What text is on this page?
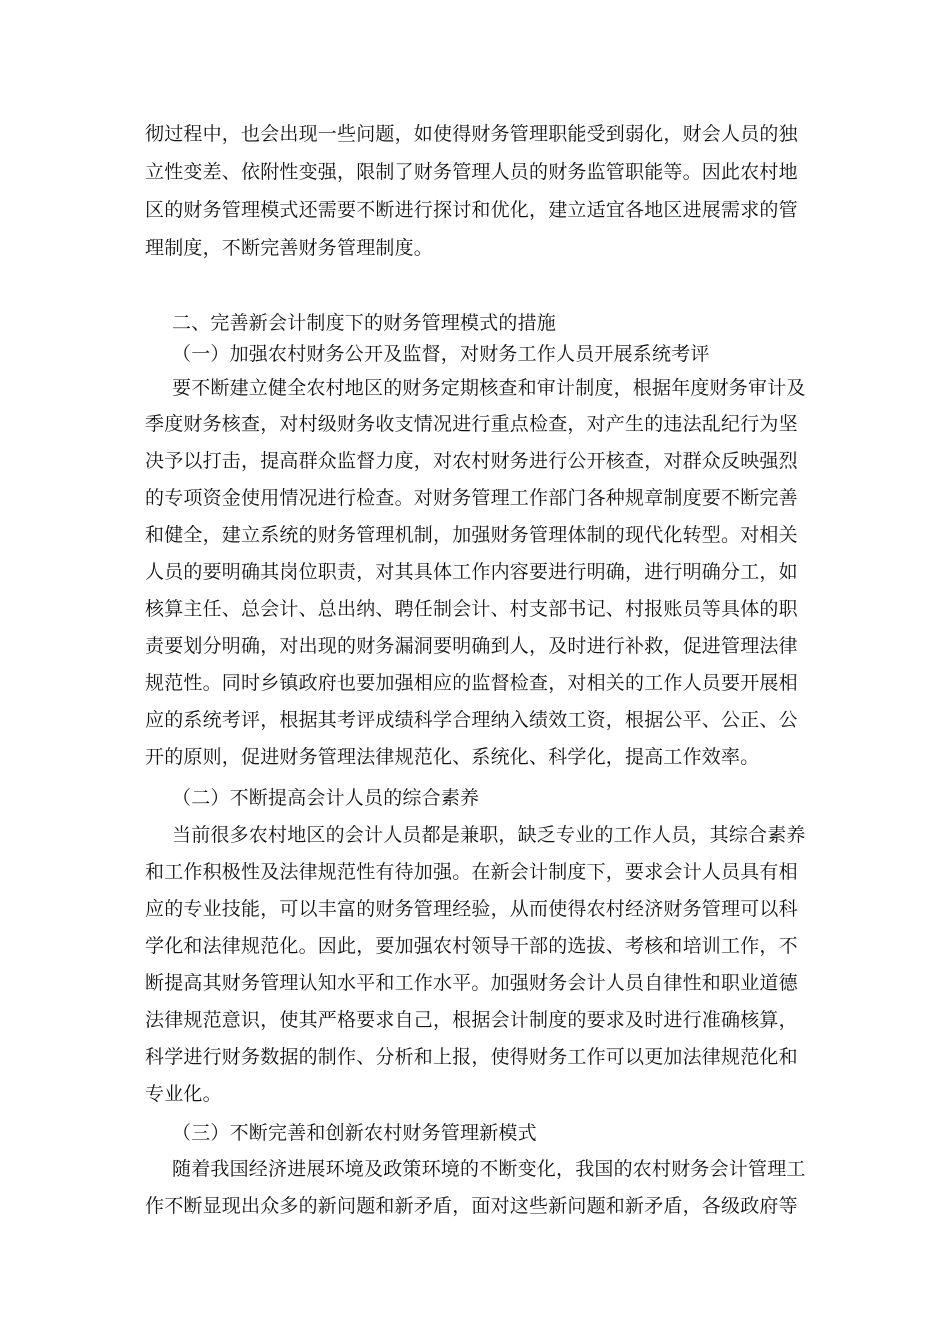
彻过程中，也会出现一些问题，如使得财务管理职能受到弱化，财会人员的独
立性变差、依附性变强，限制了财务管理人员的财务监管职能等。因此农村地
区的财务管理模式还需要不断进行探讨和优化，建立适宜各地区进展需求的管
理制度，不断完善财务管理制度。
二、完善新会计制度下的财务管理模式的措施
（一）加强农村财务公开及监督，对财务工作人员开展系统考评
要不断建立健全农村地区的财务定期核查和审计制度，根据年度财务审计及
季度财务核查，对村级财务收支情况进行重点检查，对产生的违法乱纪行为坚
决予以打击，提高群众监督力度，对农村财务进行公开核查，对群众反映强烈
的专项资金使用情况进行检查。对财务管理工作部门各种规章制度要不断完善
和健全，建立系统的财务管理机制，加强财务管理体制的现代化转型。对相关
人员的要明确其岗位职责，对其具体工作内容要进行明确，进行明确分工，如
核算主任、总会计、总出纳、聘任制会计、村支部书记、村报账员等具体的职
责要划分明确，对出现的财务漏洞要明确到人，及时进行补救，促进管理法律
规范性。同时乡镇政府也要加强相应的监督检查，对相关的工作人员要开展相
应的系统考评，根据其考评成绩科学合理纳入绩效工资，根据公平、公正、公
开的原则，促进财务管理法律规范化、系统化、科学化，提高工作效率。
（二）不断提高会计人员的综合素养
当前很多农村地区的会计人员都是兼职，缺乏专业的工作人员，其综合素养
和工作积极性及法律规范性有待加强。在新会计制度下，要求会计人员具有相
应的专业技能，可以丰富的财务管理经验，从而使得农村经济财务管理可以科
学化和法律规范化。因此，要加强农村领导干部的选拔、考核和培训工作，不
断提高其财务管理认知水平和工作水平。加强财务会计人员自律性和职业道德
法律规范意识，使其严格要求自己，根据会计制度的要求及时进行准确核算，
科学进行财务数据的制作、分析和上报，使得财务工作可以更加法律规范化和
专业化。
（三）不断完善和创新农村财务管理新模式
随着我国经济进展环境及政策环境的不断变化，我国的农村财务会计管理工
作不断显现出众多的新问题和新矛盾，面对这些新问题和新矛盾，各级政府等
